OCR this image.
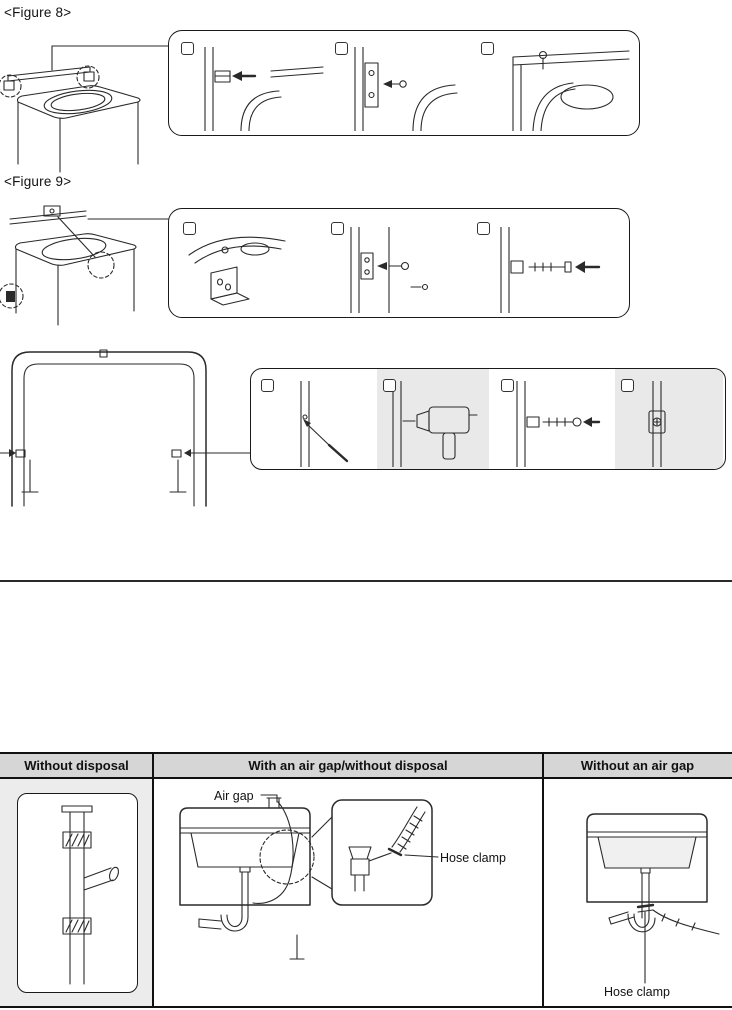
<Figure 8>
<Figure 9>
Without disposal	With an air gap/without disposal	Without an air gap
Air gap
Hose clamp
Hose clamp
